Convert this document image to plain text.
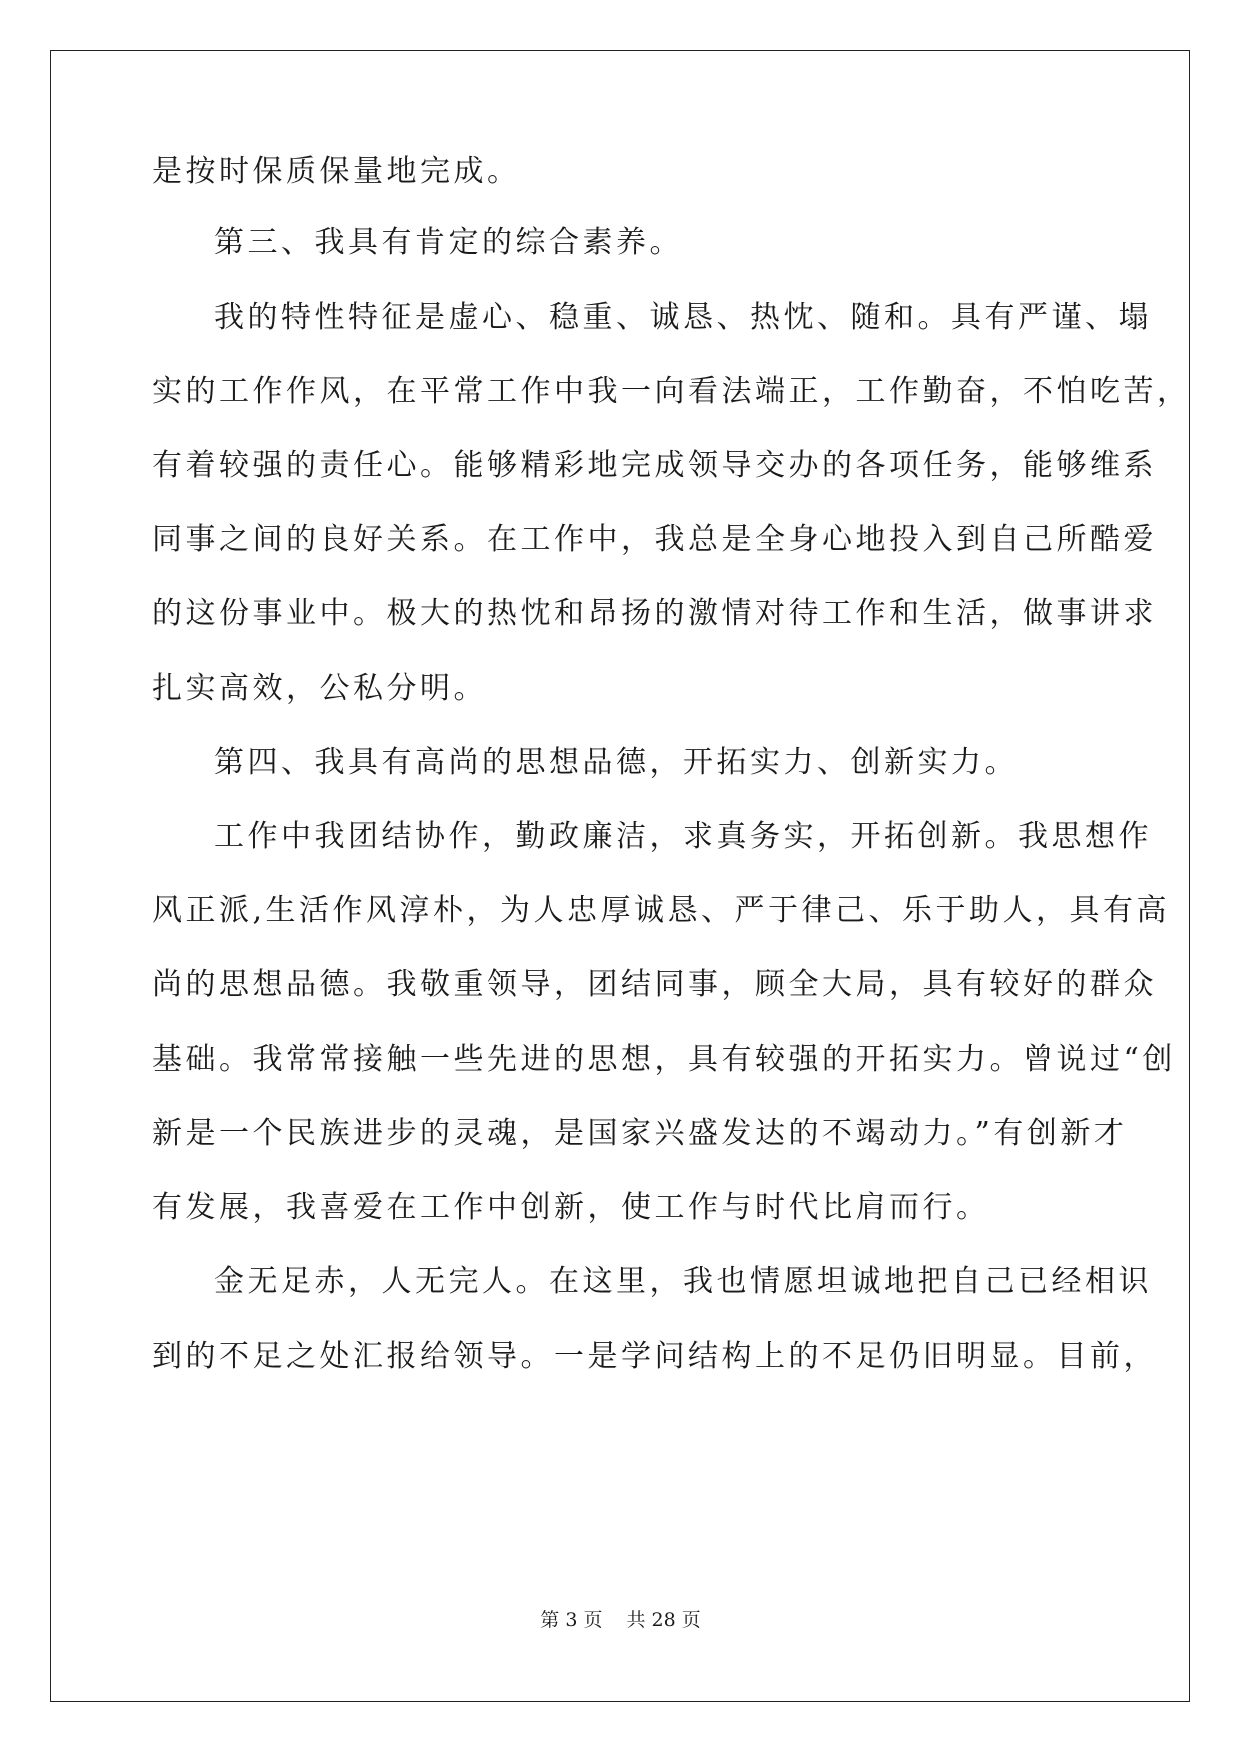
是按时保质保量地完成。
第三、我具有肯定的综合素养。
我的特性特征是虚心、稳重、诚恳、热忱、随和。具有严谨、塌
实的工作作风，在平常工作中我一向看法端正，工作勤奋，不怕吃苦，
有着较强的责任心。能够精彩地完成领导交办的各项任务，能够维系
同事之间的良好关系。在工作中，我总是全身心地投入到自己所酷爱
的这份事业中。极大的热忱和昂扬的激情对待工作和生活，做事讲求
扎实高效，公私分明。
第四、我具有高尚的思想品德，开拓实力、创新实力。
工作中我团结协作，勤政廉洁，求真务实，开拓创新。我思想作
风正派,生活作风淳朴，为人忠厚诚恳、严于律己、乐于助人，具有高
尚的思想品德。我敬重领导，团结同事，顾全大局，具有较好的群众
基础。我常常接触一些先进的思想，具有较强的开拓实力。曾说过“创
新是一个民族进步的灵魂，是国家兴盛发达的不竭动力。”有创新才
有发展，我喜爱在工作中创新，使工作与时代比肩而行。
金无足赤，人无完人。在这里，我也情愿坦诚地把自己已经相识
到的不足之处汇报给领导。一是学问结构上的不足仍旧明显。目前，
第 3 页 共 28 页
